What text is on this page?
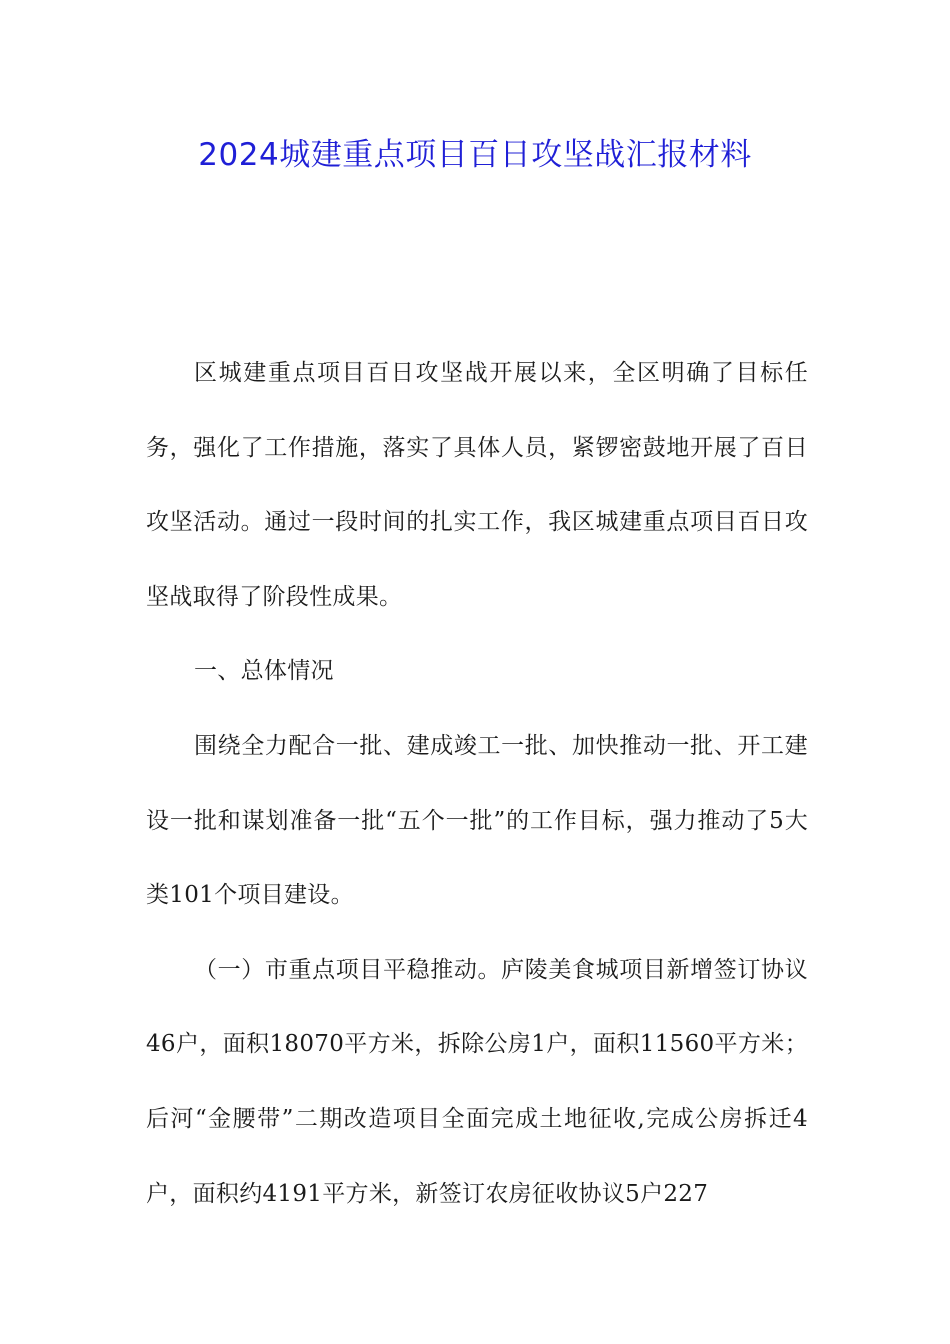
2024城建重点项目百日攻坚战汇报材料

区城建重点项目百日攻坚战开展以来，全区明确了目标任务，强化了工作措施，落实了具体人员，紧锣密鼓地开展了百日攻坚活动。通过一段时间的扎实工作，我区城建重点项目百日攻坚战取得了阶段性成果。

一、总体情况

围绕全力配合一批、建成竣工一批、加快推动一批、开工建设一批和谋划准备一批“五个一批”的工作目标，强力推动了5大类101个项目建设。

（一）市重点项目平稳推动。庐陵美食城项目新增签订协议46户，面积18070平方米，拆除公房1户，面积11560平方米；后河“金腰带”二期改造项目全面完成土地征收,完成公房拆迁4户，面积约4191平方米，新签订农房征收协议5户227
